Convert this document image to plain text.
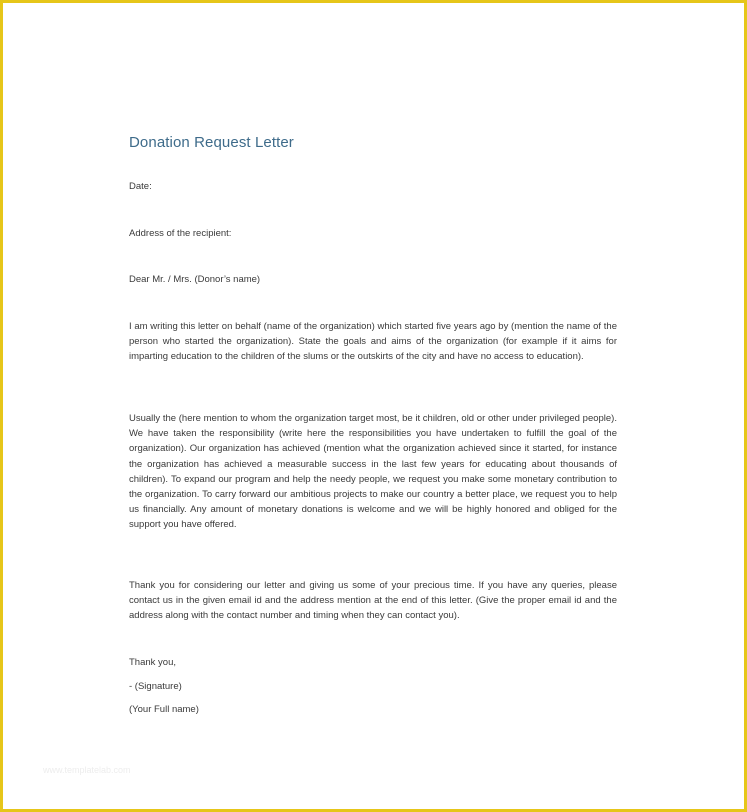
Donation Request Letter

Date:

Address of the recipient:

Dear Mr. / Mrs. (Donor’s name)

I am writing this letter on behalf (name of the organization) which started five years ago by (mention the name of the person who started the organization). State the goals and aims of the organization (for example if it aims for imparting education to the children of the slums or the outskirts of the city and have no access to education).

Usually the (here mention to whom the organization target most, be it children, old or other under privileged people). We have taken the responsibility (write here the responsibilities you have undertaken to fulfill the goal of the organization). Our organization has achieved (mention what the organization achieved since it started, for instance the organization has achieved a measurable success in the last few years for educating about thousands of children). To expand our program and help the needy people, we request you make some monetary contribution to the organization. To carry forward our ambitious projects to make our country a better place, we request you to help us financially. Any amount of monetary donations is welcome and we will be highly honored and obliged for the support you have offered.

Thank you for considering our letter and giving us some of your precious time. If you have any queries, please contact us in the given email id and the address mention at the end of this letter. (Give the proper email id and the address along with the contact number and timing when they can contact you).

Thank you,

- (Signature)

(Your Full name)

www.templatelab.com
